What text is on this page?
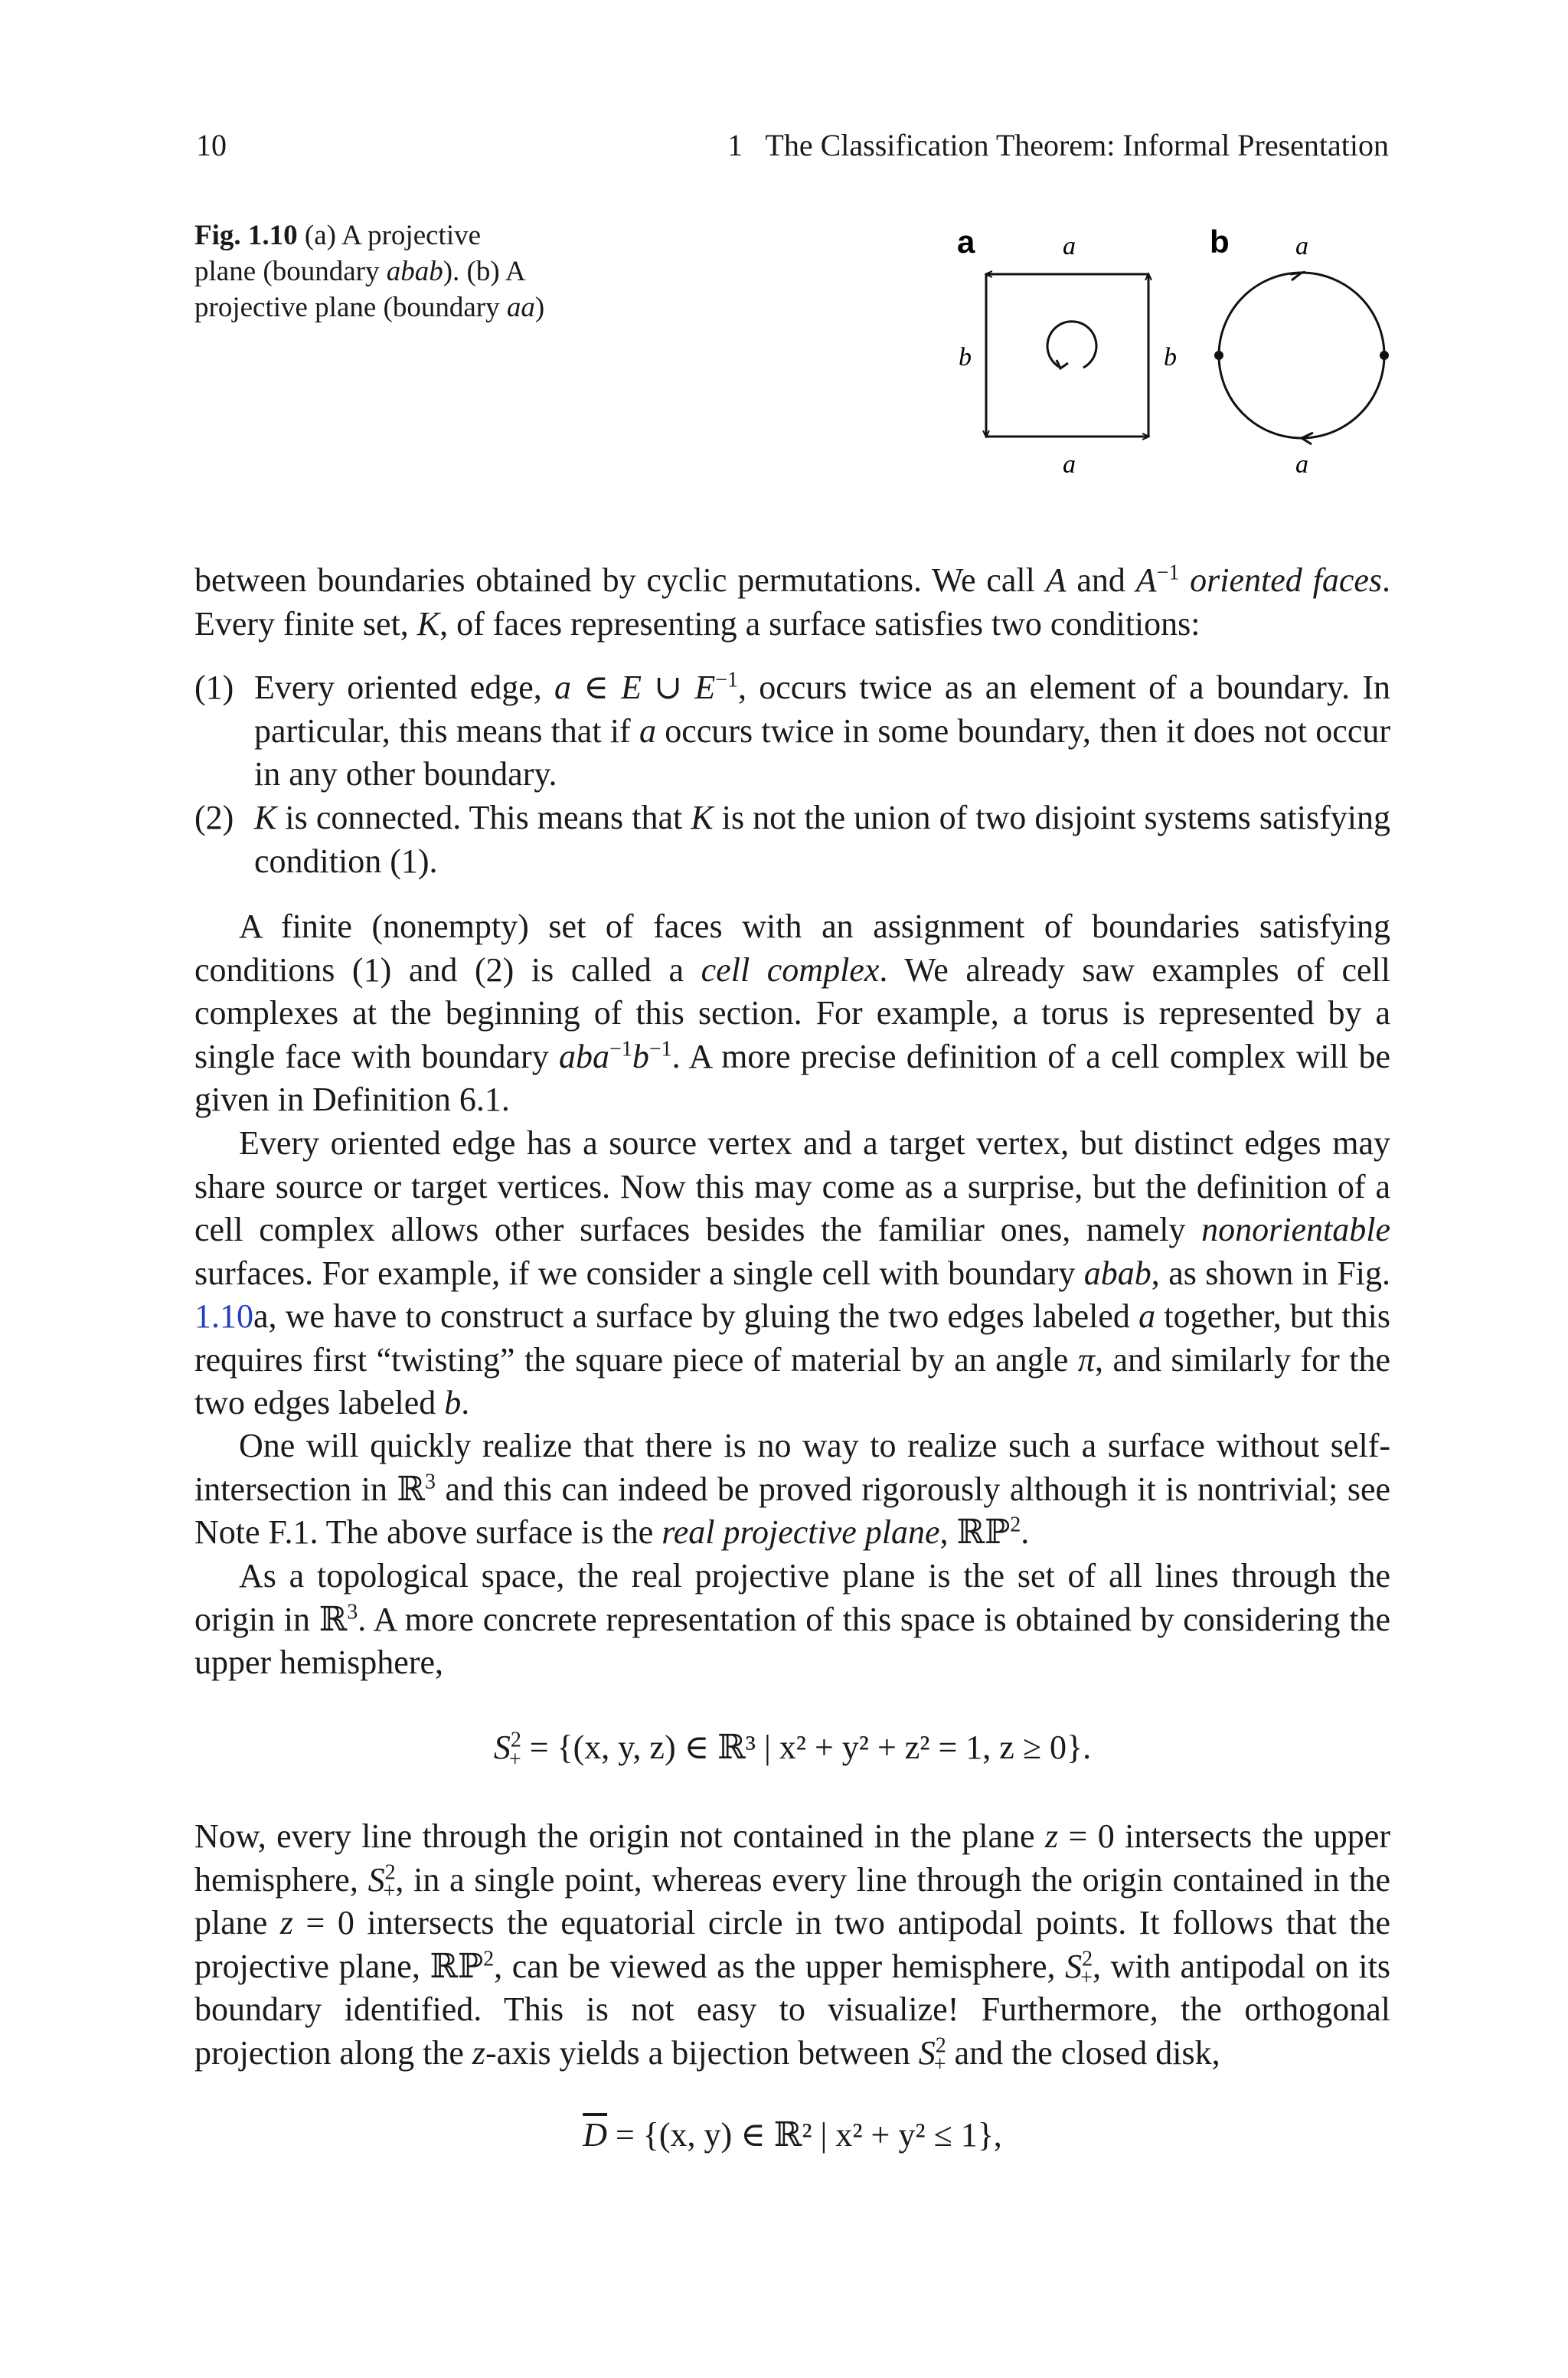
10	1   The Classification Theorem: Informal Presentation
Fig. 1.10 (a) A projective plane (boundary abab). (b) A projective plane (boundary aa)
a	b
a
a
b	b
a
a
between boundaries obtained by cyclic permutations. We call A and $A^{-1}$ oriented faces. Every finite set, K, of faces representing a surface satisfies two conditions:
(1) Every oriented edge, a ∈ E ∪ $E^{-1}$, occurs twice as an element of a boundary. In particular, this means that if a occurs twice in some boundary, then it does not occur in any other boundary.
(2) K is connected. This means that K is not the union of two disjoint systems satisfying condition (1).
A finite (nonempty) set of faces with an assignment of boundaries satisfying conditions (1) and (2) is called a cell complex. We already saw examples of cell complexes at the beginning of this section. For example, a torus is represented by a single face with boundary $aba^{-1}b^{-1}$. A more precise definition of a cell complex will be given in Definition 6.1.
Every oriented edge has a source vertex and a target vertex, but distinct edges may share source or target vertices. Now this may come as a surprise, but the definition of a cell complex allows other surfaces besides the familiar ones, namely nonorientable surfaces. For example, if we consider a single cell with boundary abab, as shown in Fig. 1.10a, we have to construct a surface by gluing the two edges labeled a together, but this requires first “twisting” the square piece of material by an angle π, and similarly for the two edges labeled b.
One will quickly realize that there is no way to realize such a surface without self-intersection in ℝ$^3$ and this can indeed be proved rigorously although it is nontrivial; see Note F.1. The above surface is the real projective plane, ℝℙ$^2$.
As a topological space, the real projective plane is the set of all lines through the origin in ℝ$^3$. A more concrete representation of this space is obtained by considering the upper hemisphere,
$S^2_+ = \{(x$, y, z) ∈ ℝ³ | x² + y² + z² = 1, z ≥ 0}.
Now, every line through the origin not contained in the plane z = 0 intersects the upper hemisphere, $S^2_+$, in a single point, whereas every line through the origin contained in the plane z = 0 intersects the equatorial circle in two antipodal points. It follows that the projective plane, ℝℙ$^2$, can be viewed as the upper hemisphere, $S^2_+$, with antipodal on its boundary identified. This is not easy to visualize! Furthermore, the orthogonal projection along the z-axis yields a bijection between $S^2_+$ and the closed disk,
$\overline{D} = \{(x$, y) ∈ ℝ² | x² + y² ≤ 1},
